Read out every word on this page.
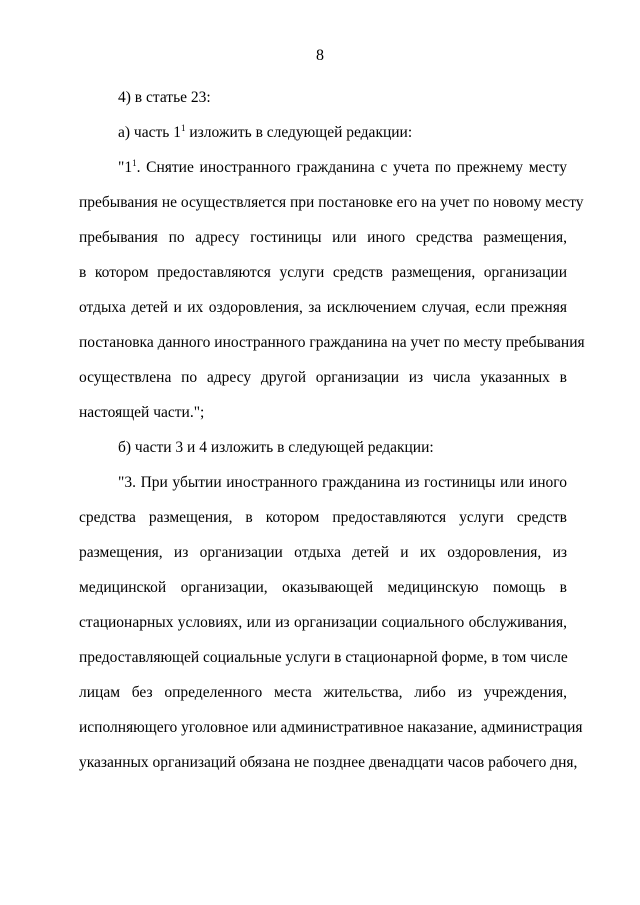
8
4) в статье 23:
а) часть $1^1$ изложить в следующей редакции:
"$1^1$. Снятие иностранного гражданина с учета по прежнему месту
пребывания не осуществляется при постановке его на учет по новому месту
пребывания по адресу гостиницы или иного средства размещения,
в котором предоставляются услуги средств размещения, организации
отдыха детей и их оздоровления, за исключением случая, если прежняя
постановка данного иностранного гражданина на учет по месту пребывания
осуществлена по адресу другой организации из числа указанных в
настоящей части.";
б) части 3 и 4 изложить в следующей редакции:
"3. При убытии иностранного гражданина из гостиницы или иного
средства размещения, в котором предоставляются услуги средств
размещения, из организации отдыха детей и их оздоровления, из
медицинской организации, оказывающей медицинскую помощь в
стационарных условиях, или из организации социального обслуживания,
предоставляющей социальные услуги в стационарной форме, в том числе
лицам без определенного места жительства, либо из учреждения,
исполняющего уголовное или административное наказание, администрация
указанных организаций обязана не позднее двенадцати часов рабочего дня,
